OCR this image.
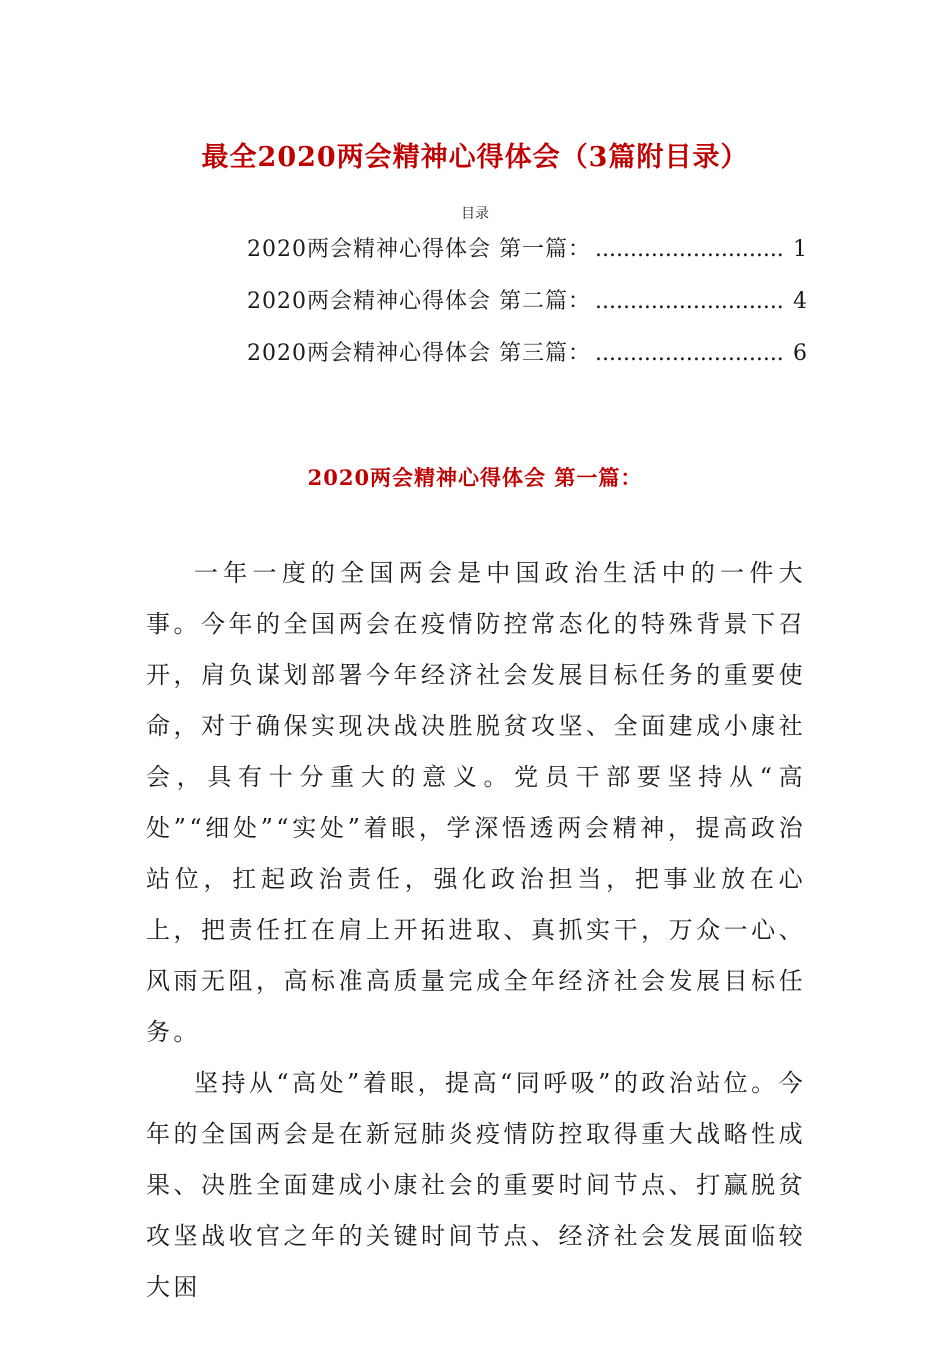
最全2020两会精神心得体会（3篇附目录）
目录
2020两会精神心得体会 第一篇： ........................... 1
2020两会精神心得体会 第二篇： ........................... 4
2020两会精神心得体会 第三篇： ........................... 6
2020两会精神心得体会 第一篇：

一年一度的全国两会是中国政治生活中的一件大事。今年的全国两会在疫情防控常态化的特殊背景下召开，肩负谋划部署今年经济社会发展目标任务的重要使命，对于确保实现决战决胜脱贫攻坚、全面建成小康社会，具有十分重大的意义。党员干部要坚持从“高处”“细处”“实处”着眼，学深悟透两会精神，提高政治站位，扛起政治责任，强化政治担当，把事业放在心上，把责任扛在肩上开拓进取、真抓实干，万众一心、风雨无阻，高标准高质量完成全年经济社会发展目标任务。

坚持从“高处”着眼，提高“同呼吸”的政治站位。今年的全国两会是在新冠肺炎疫情防控取得重大战略性成果、决胜全面建成小康社会的重要时间节点、打赢脱贫攻坚战收官之年的关键时间节点、经济社会发展面临较大困
